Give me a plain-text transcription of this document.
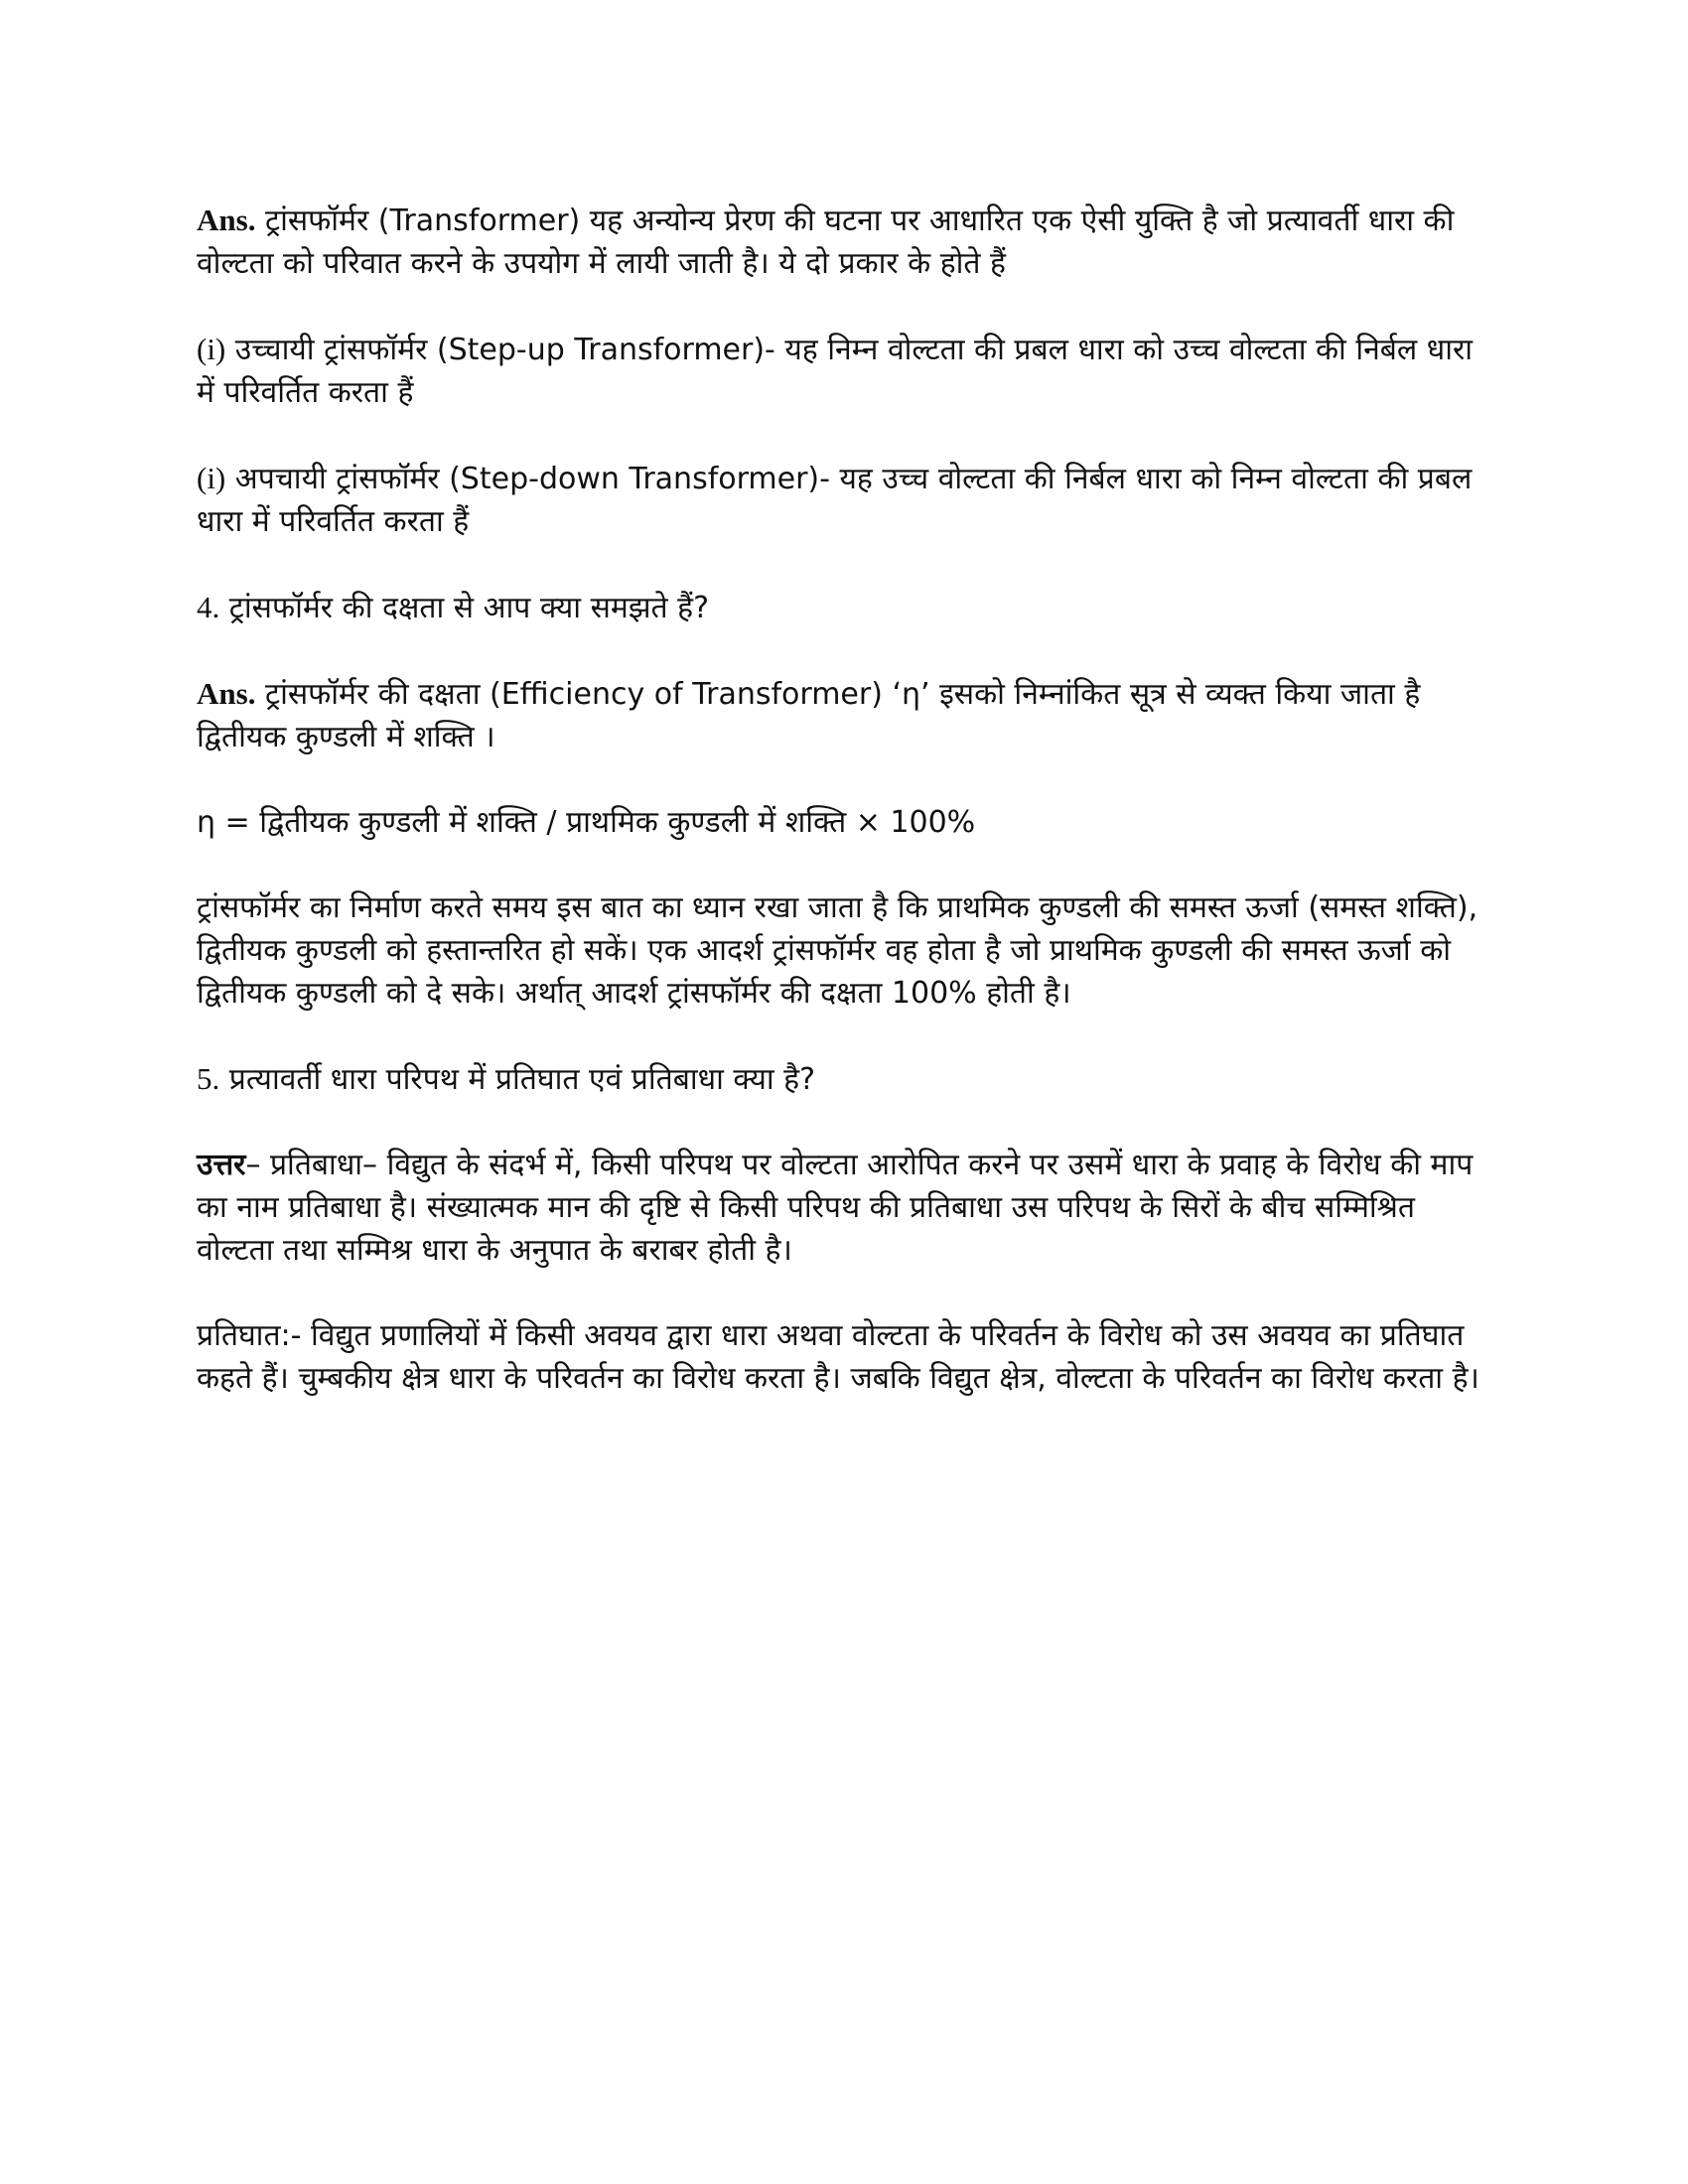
Ans. ट्रांसफॉर्मर (Transformer) यह अन्योन्य प्रेरण की घटना पर आधारित एक ऐसी युक्ति है जो प्रत्यावर्ती धारा की वोल्टता को परिवात करने के उपयोग में लायी जाती है। ये दो प्रकार के होते हैं

(i) उच्चायी ट्रांसफॉर्मर (Step-up Transformer)- यह निम्न वोल्टता की प्रबल धारा को उच्च वोल्टता की निर्बल धारा में परिवर्तित करता हैं

(i) अपचायी ट्रांसफॉर्मर (Step-down Transformer)- यह उच्च वोल्टता की निर्बल धारा को निम्न वोल्टता की प्रबल धारा में परिवर्तित करता हैं

4. ट्रांसफॉर्मर की दक्षता से आप क्या समझते हैं?

Ans. ट्रांसफॉर्मर की दक्षता (Efficiency of Transformer) ‘η’ इसको निम्नांकित सूत्र से व्यक्त किया जाता है द्वितीयक कुण्डली में शक्ति ।

η = द्वितीयक कुण्डली में शक्ति / प्राथमिक कुण्डली में शक्ति × 100%

ट्रांसफॉर्मर का निर्माण करते समय इस बात का ध्यान रखा जाता है कि प्राथमिक कुण्डली की समस्त ऊर्जा (समस्त शक्ति), द्वितीयक कुण्डली को हस्तान्तरित हो सकें। एक आदर्श ट्रांसफॉर्मर वह होता है जो प्राथमिक कुण्डली की समस्त ऊर्जा को द्वितीयक कुण्डली को दे सके। अर्थात् आदर्श ट्रांसफॉर्मर की दक्षता 100% होती है।

5. प्रत्यावर्ती धारा परिपथ में प्रतिघात एवं प्रतिबाधा क्या है?

उत्तर– प्रतिबाधा– विद्युत के संदर्भ में, किसी परिपथ पर वोल्टता आरोपित करने पर उसमें धारा के प्रवाह के विरोध की माप का नाम प्रतिबाधा है। संख्यात्मक मान की दृष्टि से किसी परिपथ की प्रतिबाधा उस परिपथ के सिरों के बीच सम्मिश्रित वोल्टता तथा सम्मिश्र धारा के अनुपात के बराबर होती है।

प्रतिघात:- विद्युत प्रणालियों में किसी अवयव द्वारा धारा अथवा वोल्टता के परिवर्तन के विरोध को उस अवयव का प्रतिघात कहते हैं। चुम्बकीय क्षेत्र धारा के परिवर्तन का विरोध करता है। जबकि विद्युत क्षेत्र, वोल्टता के परिवर्तन का विरोध करता है।
